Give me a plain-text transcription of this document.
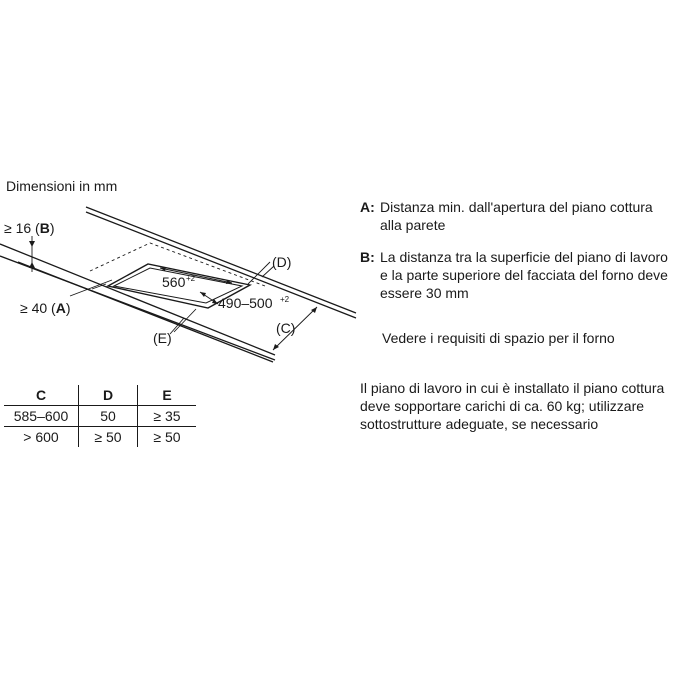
Dimensioni in mm
560 +2
490–500 +2
(D)
(E)
(C)
≥ 16 (B)
≥ 40 (A)
C	D	E
585–600	50	≥ 35
> 600	≥ 50	≥ 50
A: Distanza min. dall'apertura del piano cottura alla parete
B: La distanza tra la superficie del piano di lavoro e la parte superiore del facciata del forno deve essere 30 mm
Vedere i requisiti di spazio per il forno
Il piano di lavoro in cui è installato il piano cottura deve sopportare carichi di ca. 60 kg; utilizzare sottostrutture adeguate, se necessario
